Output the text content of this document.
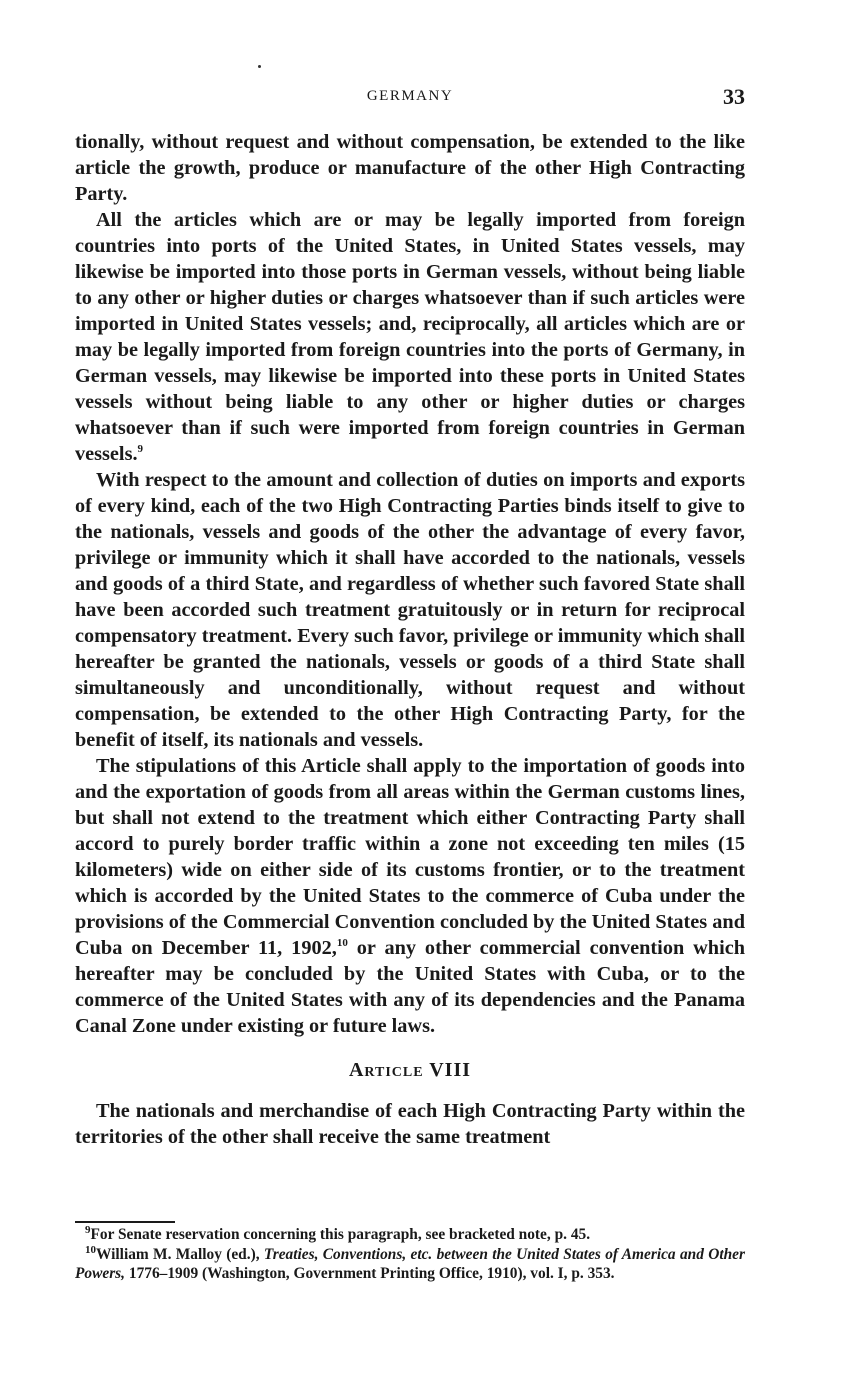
GERMANY	33

tionally, without request and without compensation, be extended to the like article the growth, produce or manufacture of the other High Contracting Party.

All the articles which are or may be legally imported from foreign countries into ports of the United States, in United States vessels, may likewise be imported into those ports in German vessels, without being liable to any other or higher duties or charges whatsoever than if such articles were imported in United States vessels; and, reciprocally, all articles which are or may be legally imported from foreign countries into the ports of Germany, in German vessels, may likewise be imported into these ports in United States vessels without being liable to any other or higher duties or charges whatsoever than if such were imported from foreign countries in German vessels.$^9$

With respect to the amount and collection of duties on imports and exports of every kind, each of the two High Contracting Parties binds itself to give to the nationals, vessels and goods of the other the advantage of every favor, privilege or immunity which it shall have accorded to the nationals, vessels and goods of a third State, and regardless of whether such favored State shall have been accorded such treatment gratuitously or in return for reciprocal compensatory treatment. Every such favor, privilege or immunity which shall hereafter be granted the nationals, vessels or goods of a third State shall simultaneously and unconditionally, without request and without compensation, be extended to the other High Contracting Party, for the benefit of itself, its nationals and vessels.

The stipulations of this Article shall apply to the importation of goods into and the exportation of goods from all areas within the German customs lines, but shall not extend to the treatment which either Contracting Party shall accord to purely border traffic within a zone not exceeding ten miles (15 kilometers) wide on either side of its customs frontier, or to the treatment which is accorded by the United States to the commerce of Cuba under the provisions of the Commercial Convention concluded by the United States and Cuba on December 11, 1902,10 or any other commercial convention which hereafter may be concluded by the United States with Cuba, or to the commerce of the United States with any of its dependencies and the Panama Canal Zone under existing or future laws.

Article VIII

The nationals and merchandise of each High Contracting Party within the territories of the other shall receive the same treatment

$^9$For Senate reservation concerning this paragraph, see bracketed note, p. 45.

$^{10}$William M. Malloy (ed.), Treaties, Conventions, etc. between the United States of America and Other Powers, 1776–1909 (Washington, Government Printing Office, 1910), vol. I, p. 353.
